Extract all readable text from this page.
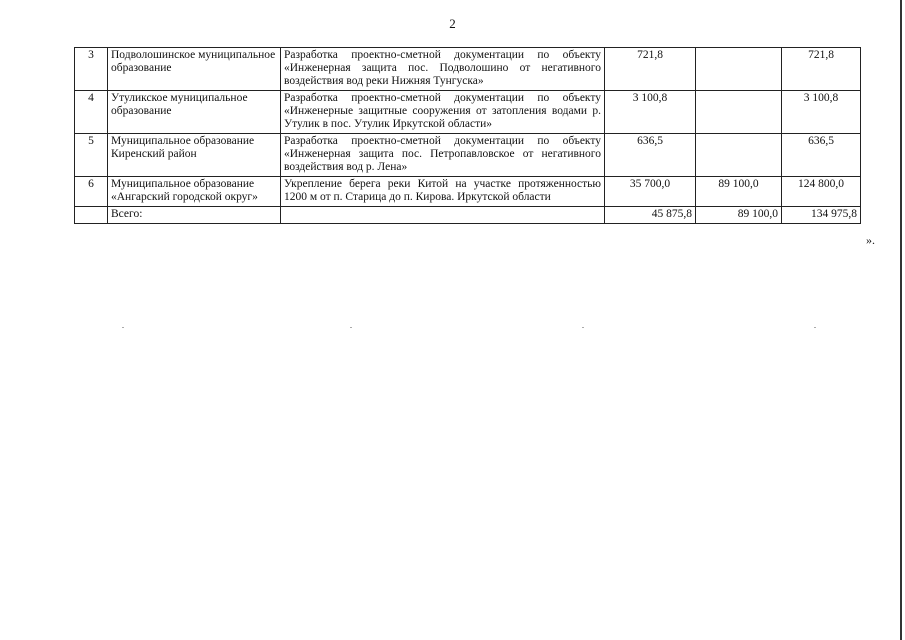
2
3	Подволошинское муниципальное образование	Разработка проектно-сметной документации по объекту «Инженерная защита пос. Подволошино от негативного воздействия вод реки Нижняя Тунгуска»	721,8		721,8
4	Утуликское муниципальное образование	Разработка проектно-сметной документации по объекту «Инженерные защитные сооружения от затопления водами р. Утулик в пос. Утулик Иркутской области»	3 100,8		3 100,8
5	Муниципальное образование Киренский район	Разработка проектно-сметной документации по объекту «Инженерная защита пос. Петропавловское от негативного воздействия вод р. Лена»	636,5		636,5
6	Муниципальное образование «Ангарский городской округ»	Укрепление берега реки Китой на участке протяженностью 1200 м от п. Старица до п. Кирова. Иркутской области	35 700,0	89 100,0	124 800,0
	Всего:		45 875,8	89 100,0	134 975,8
».
